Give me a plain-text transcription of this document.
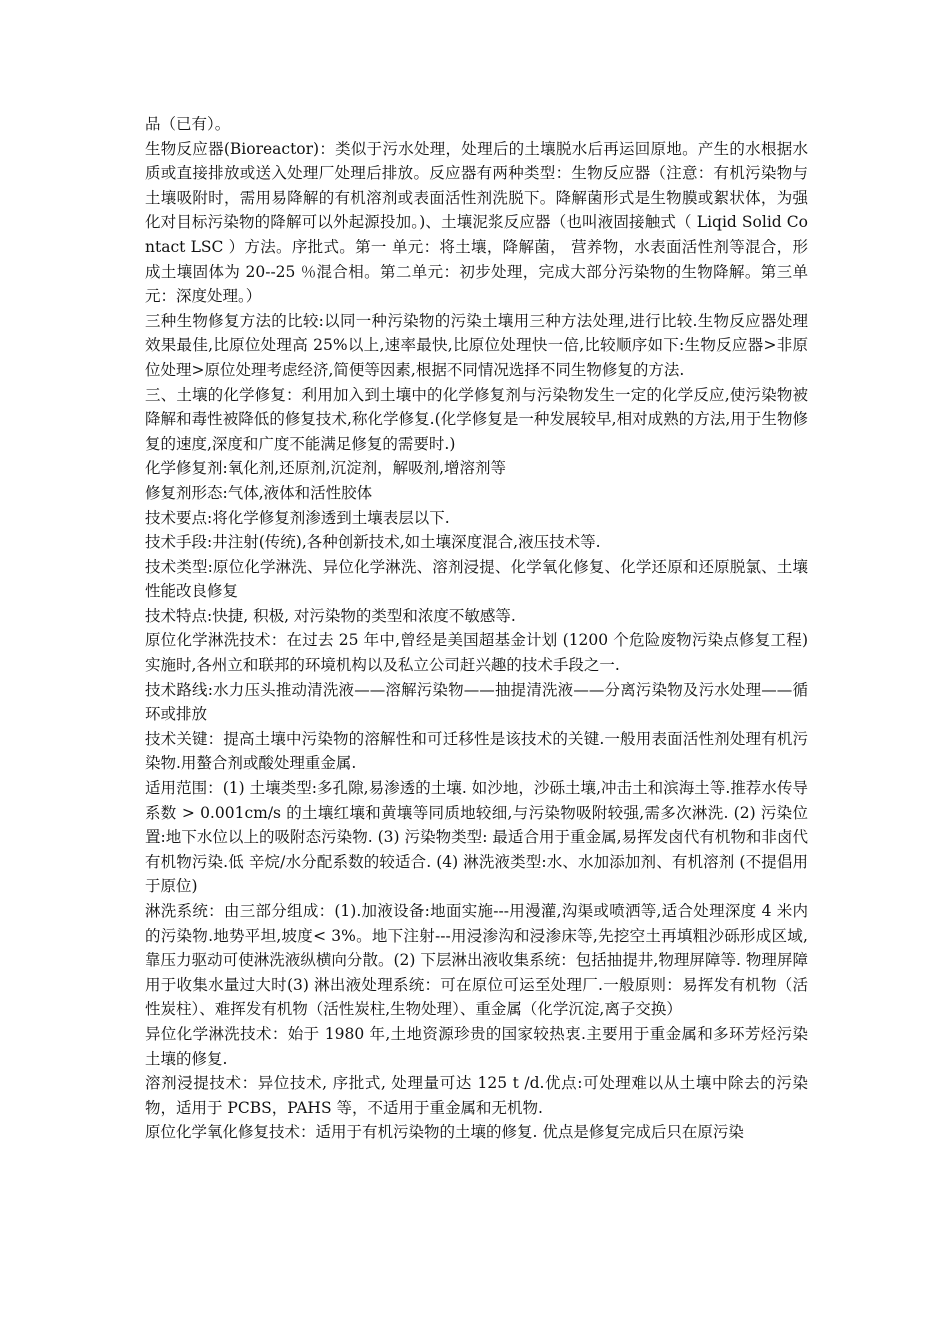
品（已有）。

生物反应器(Bioreactor)：类似于污水处理，处理后的土壤脱水后再运回原地。产生的水根据水质或直接排放或送入处理厂处理后排放。反应器有两种类型：生物反应器（注意：有机污染物与土壤吸附时，需用易降解的有机溶剂或表面活性剂洗脱下。降解菌形式是生物膜或絮状体，为强化对目标污染物的降解可以外起源投加。)、土壤泥浆反应器（也叫液固接触式（ Liqid Solid Contact LSC ）方法。序批式。第一 单元：将土壤，降解菌， 营养物，水表面活性剂等混合，形成土壤固体为 20--25 ％混合相。第二单元：初步处理，完成大部分污染物的生物降解。第三单元：深度处理。）

三种生物修复方法的比较:以同一种污染物的污染土壤用三种方法处理,进行比较.生物反应器处理效果最佳,比原位处理高 25%以上,速率最快,比原位处理快一倍,比较顺序如下:生物反应器>非原位处理>原位处理考虑经济,简便等因素,根据不同情况选择不同生物修复的方法.

三、土壤的化学修复：利用加入到土壤中的化学修复剂与污染物发生一定的化学反应,使污染物被降解和毒性被降低的修复技术,称化学修复.(化学修复是一种发展较早,相对成熟的方法,用于生物修复的速度,深度和广度不能满足修复的需要时.)

化学修复剂:氧化剂,还原剂,沉淀剂，解吸剂,增溶剂等

修复剂形态:气体,液体和活性胶体

技术要点:将化学修复剂渗透到土壤表层以下.

技术手段:井注射(传统),各种创新技术,如土壤深度混合,液压技术等.

技术类型:原位化学淋洗、异位化学淋洗、溶剂浸提、化学氧化修复、化学还原和还原脱氯、土壤性能改良修复

技术特点:快捷, 积极, 对污染物的类型和浓度不敏感等.

原位化学淋洗技术：在过去 25 年中,曾经是美国超基金计划 (1200 个危险废物污染点修复工程)实施时,各州立和联邦的环境机构以及私立公司赶兴趣的技术手段之一.

技术路线:水力压头推动清洗液——溶解污染物——抽提清洗液——分离污染物及污水处理——循环或排放

技术关键：提高土壤中污染物的溶解性和可迁移性是该技术的关键.一般用表面活性剂处理有机污染物.用螯合剂或酸处理重金属.

适用范围：(1) 土壤类型:多孔隙,易渗透的土壤. 如沙地，沙砾土壤,冲击土和滨海土等.推荐水传导系数 > 0.001cm/s 的土壤红壤和黄壤等同质地较细,与污染物吸附较强,需多次淋洗. (2) 污染位置:地下水位以上的吸附态污染物. (3) 污染物类型: 最适合用于重金属,易挥发卤代有机物和非卤代有机物污染.低 辛烷/水分配系数的较适合. (4) 淋洗液类型:水、水加添加剂、有机溶剂 (不提倡用于原位)

淋洗系统：由三部分组成：(1).加液设备:地面实施---用漫灌,沟渠或喷洒等,适合处理深度 4 米内的污染物.地势平坦,坡度< 3%。地下注射---用浸渗沟和浸渗床等,先挖空土再填粗沙砾形成区域,靠压力驱动可使淋洗液纵横向分散。(2) 下层淋出液收集系统：包括抽提井,物理屏障等. 物理屏障用于收集水量过大时(3) 淋出液处理系统：可在原位可运至处理厂.一般原则：易挥发有机物（活性炭柱）、难挥发有机物（活性炭柱,生物处理）、重金属（化学沉淀,离子交换）

异位化学淋洗技术：始于 1980 年,土地资源珍贵的国家较热衷.主要用于重金属和多环芳烃污染土壤的修复.

溶剂浸提技术：异位技术, 序批式, 处理量可达 125 t /d.优点:可处理难以从土壤中除去的污染物，适用于 PCBS，PAHS 等，不适用于重金属和无机物.

原位化学氧化修复技术：适用于有机污染物的土壤的修复. 优点是修复完成后只在原污染
